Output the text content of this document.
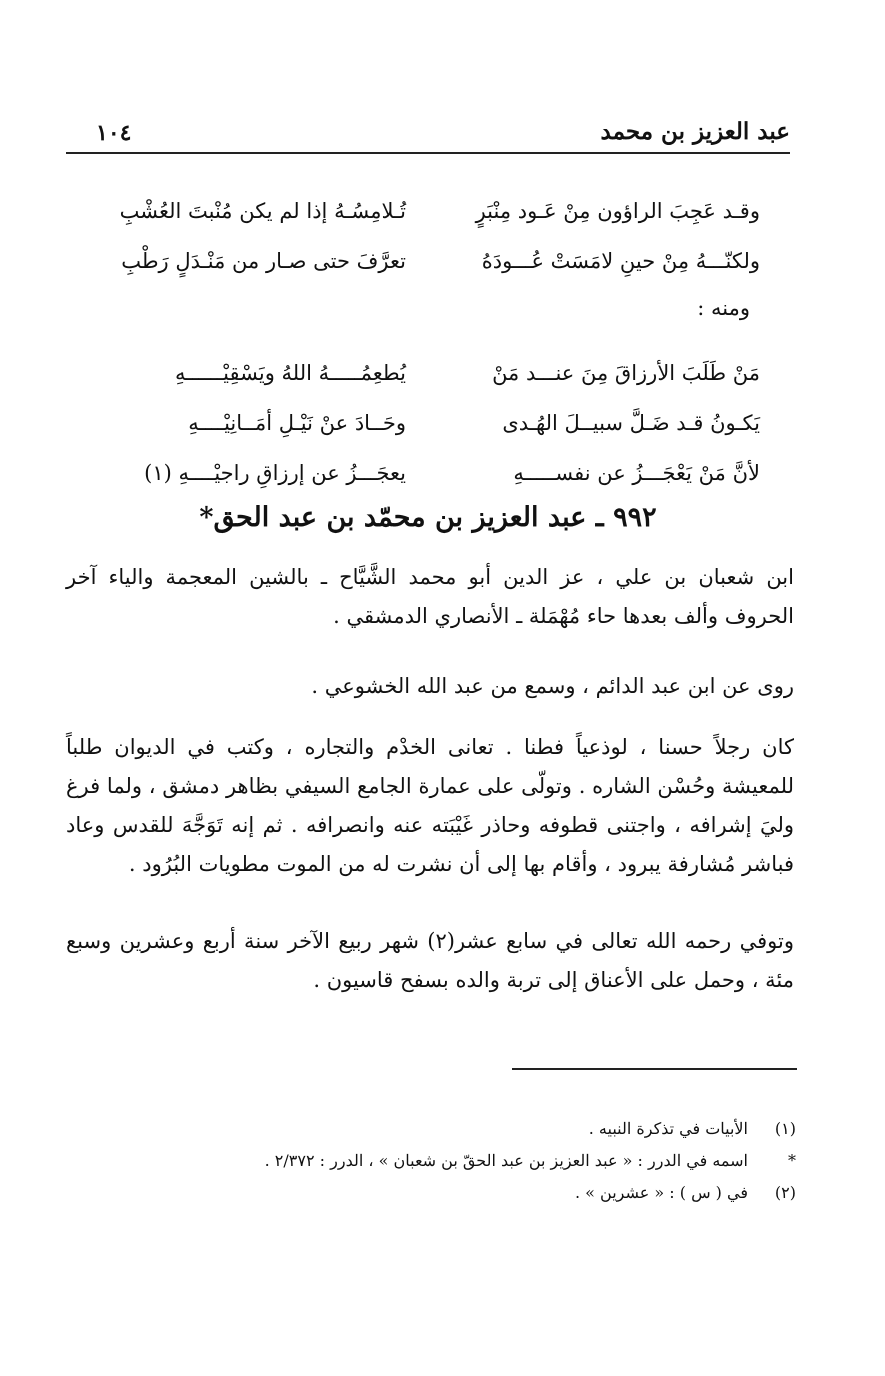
عبد العزيز بن محمد
١٠٤
وقـد عَجِبَ الراؤون مِنْ عَـود مِنْبَرٍ
تُـلامِسُـهُ إذا لم يكن مُنْبتَ العُشْبِ
ولكنّـــهُ مِنْ حينِ لامَسَتْ عُـــودَهُ
تعرَّفَ حتى صـار من مَنْـدَلٍ رَطْبِ
ومنه :
مَنْ طَلَبَ الأرزاقَ مِنَ عنـــد مَنْ
يُطعِمُـــــهُ اللهُ ويَسْقِيْــــــهِ
يَكـونُ قـد ضَـلَّ سبيــلَ الهُـدى
وحَــادَ عنْ نَيْـلِ أمَــانِيْــــهِ
لأنَّ مَنْ يَعْجَـــزُ عن نفســـــهِ
يعجَـــزُ عن إرزاقِ راجيْــــهِ (١)
٩٩٢ ـ عبد العزيز بن محمّد بن عبد الحق*

ابن شعبان بن علي ، عز الدين أبو محمد الشَّيَّاح ـ بالشين المعجمة والياء آخر الحروف وألف بعدها حاء مُهْمَلة ـ الأنصاري الدمشقي .

روى عن ابن عبد الدائم ، وسمع من عبد الله الخشوعي .

كان رجلاً حسنا ، لوذعياً فطنا . تعانى الخدْم والتجاره ، وكتب في الديوان طلباً للمعيشة وحُسْن الشاره . وتولّى على عمارة الجامع السيفي بظاهر دمشق ، ولما فرغ وليَ إشرافه ، واجتنى قطوفه وحاذر غَيْبَته عنه وانصرافه . ثم إنه تَوَجَّهَ للقدس وعاد فباشر مُشارفة يبرود ، وأقام بها إلى أن نشرت له من الموت مطويات البُرُود .

وتوفي رحمه الله تعالى في سابع عشر(٢) شهر ربيع الآخر سنة أربع وعشرين وسبع مئة ، وحمل على الأعناق إلى تربة والده بسفح قاسيون .

(١)
الأبيات في تذكرة النبيه .
*
اسمه في الدرر : « عبد العزيز بن عبد الحقّ بن شعبان » ، الدرر : ٢/٣٧٢ .
(٢)
في ( س ) : « عشرين » .
